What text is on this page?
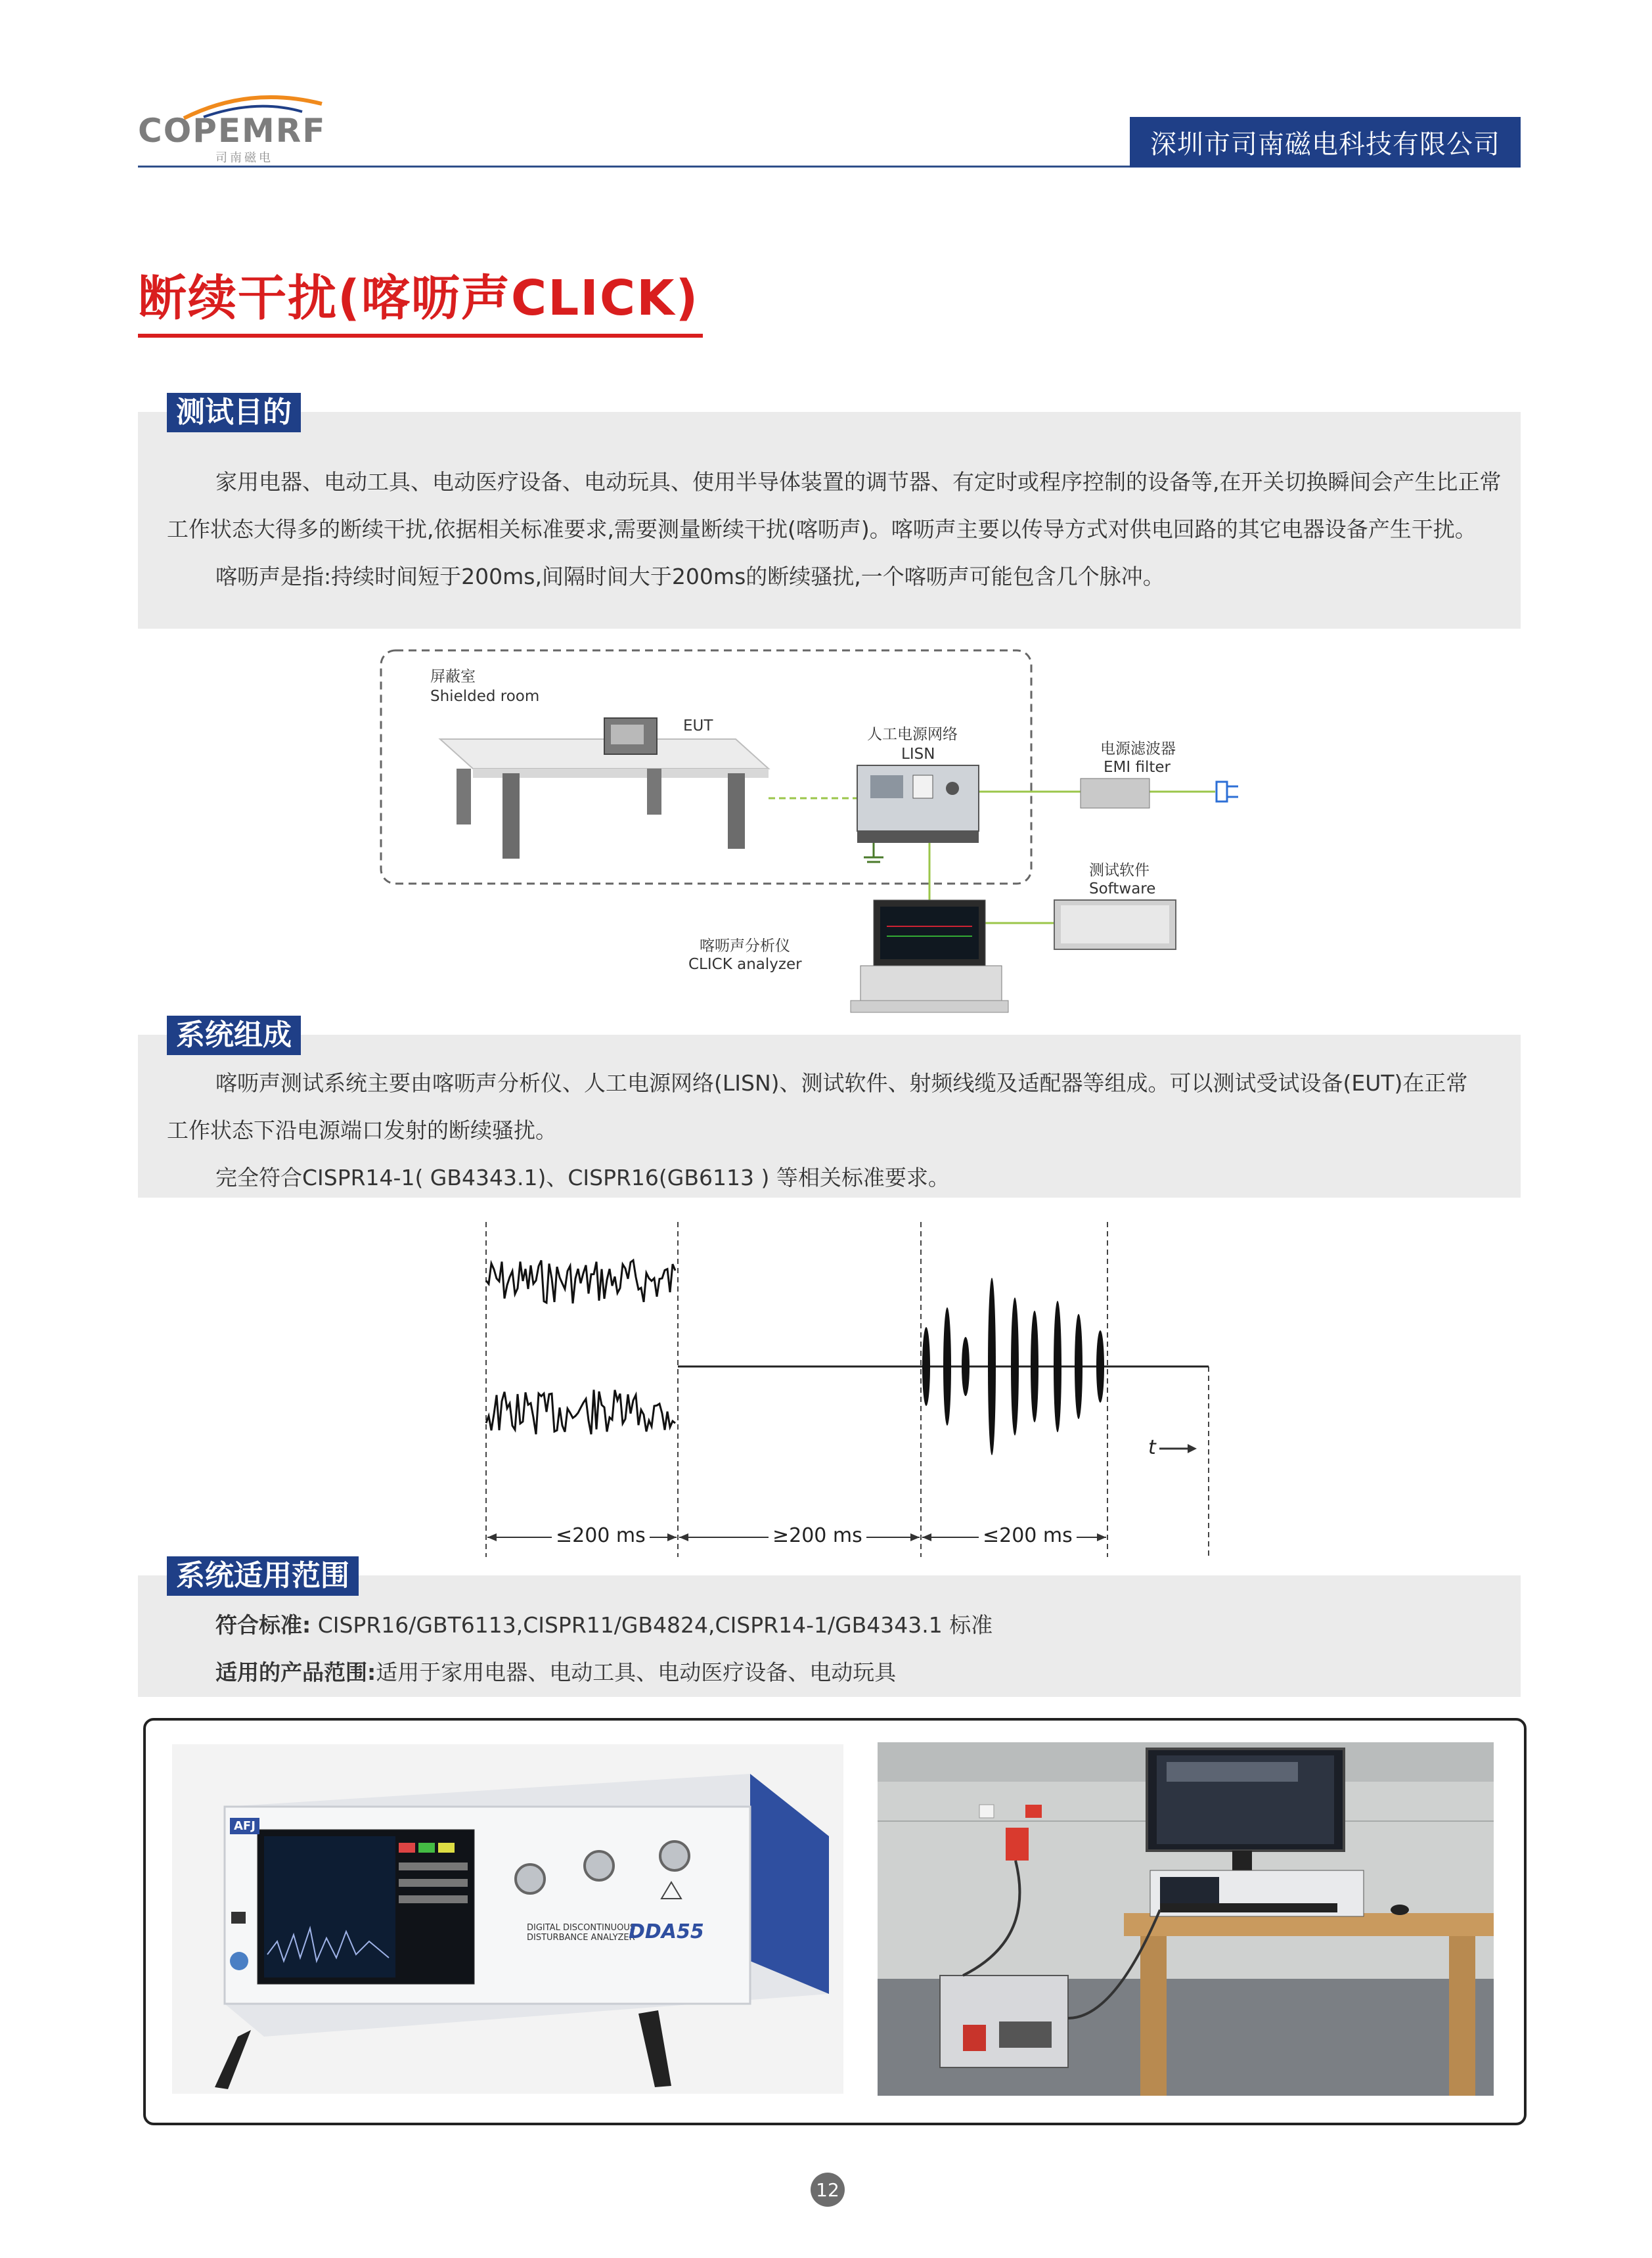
COPEMRF
司南磁电	深圳市司南磁电科技有限公司
断续干扰(喀呖声CLICK)
测试目的
家用电器、电动工具、电动医疗设备、电动玩具、使用半导体装置的调节器、有定时或程序控制的设备等,在开关切换瞬间会产生比正常
工作状态大得多的断续干扰,依据相关标准要求,需要测量断续干扰(喀呖声)。喀呖声主要以传导方式对供电回路的其它电器设备产生干扰。
喀呖声是指:持续时间短于200ms,间隔时间大于200ms的断续骚扰,一个喀呖声可能包含几个脉冲。
屏蔽室
Shielded room
EUT	人工电源网络
LISN	电源滤波器
EMI filter
测试软件
Software
喀呖声分析仪
CLICK analyzer
系统组成
喀呖声测试系统主要由喀呖声分析仪、人工电源网络(LISN)、测试软件、射频线缆及适配器等组成。可以测试受试设备(EUT)在正常
工作状态下沿电源端口发射的断续骚扰。
完全符合CISPR14-1( GB4343.1)、CISPR16(GB6113 ) 等相关标准要求。
≤200 ms	≥200 ms	≤200 ms
t
系统适用范围
符合标准: CISPR16/GBT6113,CISPR11/GB4824,CISPR14-1/GB4343.1 标准
适用的产品范围:适用于家用电器、电动工具、电动医疗设备、电动玩具
AFJ
DIGITAL DISCONTINUOUS
DISTURBANCE ANALYZER
DDA55
12
